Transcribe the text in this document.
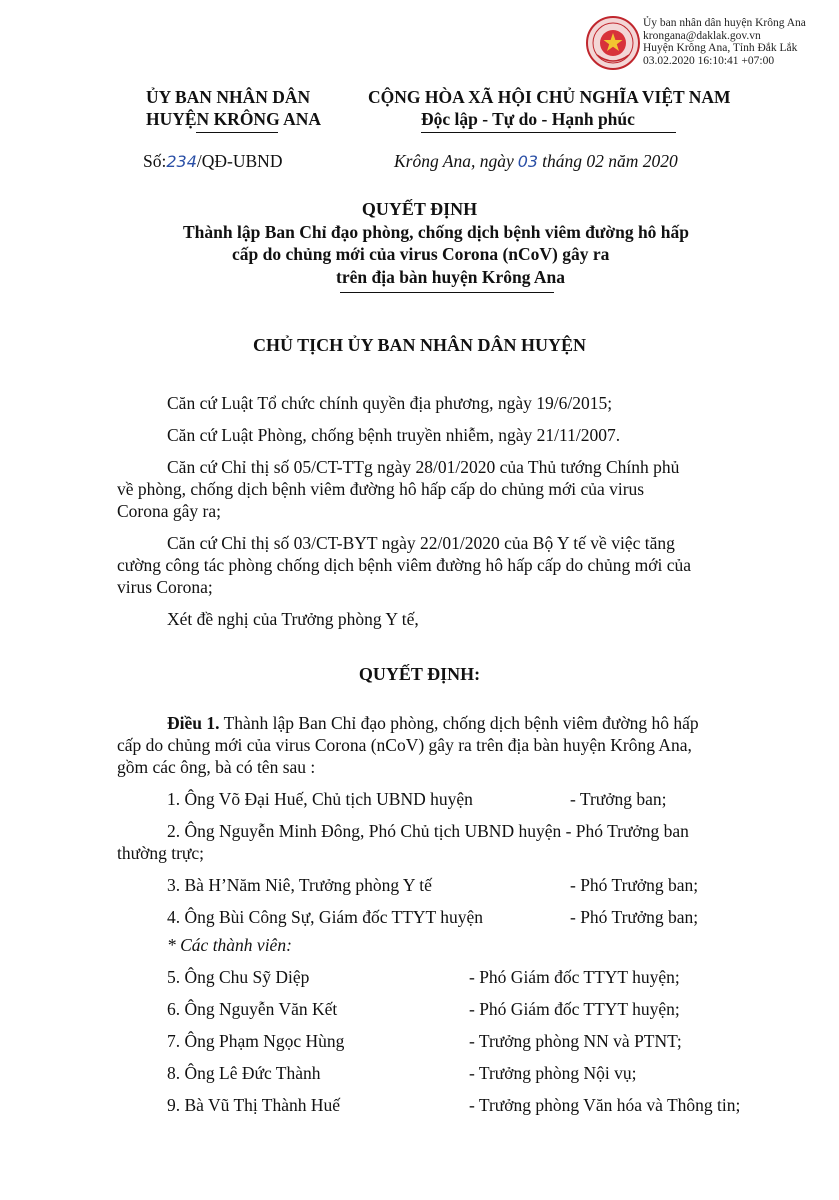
Ủy ban nhân dân huyện Krông Ana
krongana@daklak.gov.vn
Huyện Krông Ana, Tỉnh Đắk Lắk
03.02.2020 16:10:41 +07:00
ỦY BAN NHÂN DÂN
HUYỆN KRÔNG ANA
CỘNG HÒA XÃ HỘI CHỦ NGHĨA VIỆT NAM
Độc lập - Tự do - Hạnh phúc
Số:234/QĐ-UBND	Krông Ana, ngày 03 tháng 02 năm 2020
QUYẾT ĐỊNH
Thành lập Ban Chỉ đạo phòng, chống dịch bệnh viêm đường hô hấp
cấp do chủng mới của virus Corona (nCoV) gây ra
trên địa bàn huyện Krông Ana
CHỦ TỊCH ỦY BAN NHÂN DÂN HUYỆN
Căn cứ Luật Tổ chức chính quyền địa phương, ngày 19/6/2015;
Căn cứ Luật Phòng, chống bệnh truyền nhiễm, ngày 21/11/2007.
Căn cứ Chỉ thị số 05/CT-TTg ngày 28/01/2020 của Thủ tướng Chính phủ
về phòng, chống dịch bệnh viêm đường hô hấp cấp do chủng mới của virus
Corona gây ra;
Căn cứ Chỉ thị số 03/CT-BYT ngày 22/01/2020 của Bộ Y tế về việc tăng
cường công tác phòng chống dịch bệnh viêm đường hô hấp cấp do chủng mới của
virus Corona;
Xét đề nghị của Trưởng phòng Y tế,
QUYẾT ĐỊNH:
Điều 1. Thành lập Ban Chỉ đạo phòng, chống dịch bệnh viêm đường hô hấp
cấp do chủng mới của virus Corona (nCoV) gây ra trên địa bàn huyện Krông Ana,
gồm các ông, bà có tên sau :
1. Ông Võ Đại Huế, Chủ tịch UBND huyện	- Trưởng ban;
2. Ông Nguyễn Minh Đông, Phó Chủ tịch UBND huyện - Phó Trưởng ban
thường trực;
3. Bà H’Năm Niê, Trưởng phòng Y tế	- Phó Trưởng ban;
4. Ông Bùi Công Sự, Giám đốc TTYT huyện	- Phó Trưởng ban;
* Các thành viên:
5. Ông Chu Sỹ Diệp	- Phó Giám đốc TTYT huyện;
6. Ông Nguyễn Văn Kết	- Phó Giám đốc TTYT huyện;
7. Ông Phạm Ngọc Hùng	- Trưởng phòng NN và PTNT;
8. Ông Lê Đức Thành	- Trưởng phòng Nội vụ;
9. Bà Vũ Thị Thành Huế	- Trưởng phòng Văn hóa và Thông tin;
